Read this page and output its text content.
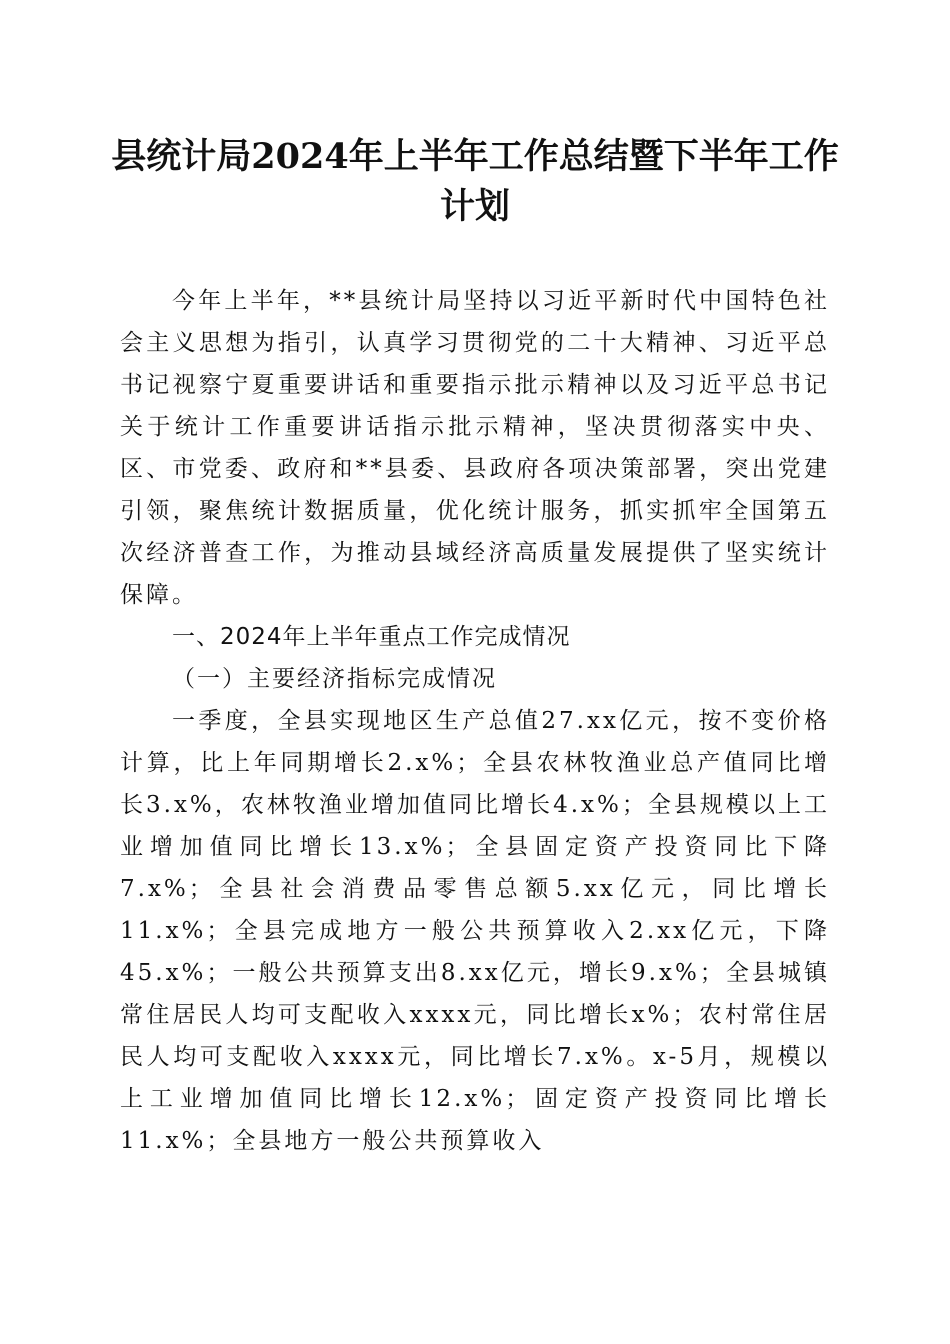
县统计局2024年上半年工作总结暨下半年工作计划

今年上半年，**县统计局坚持以习近平新时代中国特色社会主义思想为指引，认真学习贯彻党的二十大精神、习近平总书记视察宁夏重要讲话和重要指示批示精神以及习近平总书记关于统计工作重要讲话指示批示精神，坚决贯彻落实中央、区、市党委、政府和**县委、县政府各项决策部署，突出党建引领，聚焦统计数据质量，优化统计服务，抓实抓牢全国第五次经济普查工作，为推动县域经济高质量发展提供了坚实统计保障。

一、2024年上半年重点工作完成情况
（一）主要经济指标完成情况

一季度，全县实现地区生产总值27.xx亿元，按不变价格计算，比上年同期增长2.x%；全县农林牧渔业总产值同比增长3.x%，农林牧渔业增加值同比增长4.x%；全县规模以上工业增加值同比增长13.x%；全县固定资产投资同比下降7.x%；全县社会消费品零售总额5.xx亿元，同比增长11.x%；全县完成地方一般公共预算收入2.xx亿元，下降45.x%；一般公共预算支出8.xx亿元，增长9.x%；全县城镇常住居民人均可支配收入xxxx元，同比增长x%；农村常住居民人均可支配收入xxxx元，同比增长7.x%。x-5月，规模以上工业增加值同比增长12.x%；固定资产投资同比增长11.x%；全县地方一般公共预算收入
